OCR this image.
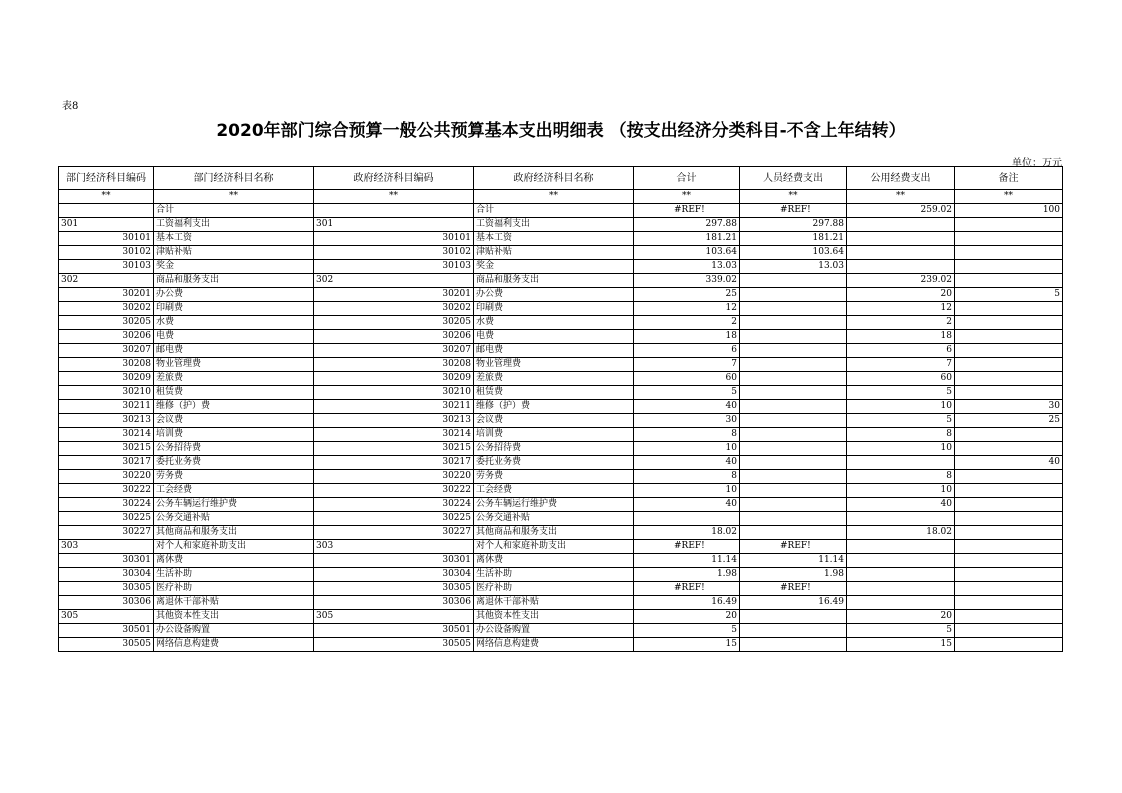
表8
2020年部门综合预算一般公共预算基本支出明细表 （按支出经济分类科目-不含上年结转）
单位：万元
部门经济科目编码	部门经济科目名称	政府经济科目编码	政府经济科目名称	合计	人员经费支出	公用经费支出	备注
**	**	**	**	**	**	**	**
	合计		合计	#REF!	#REF!	259.02	100
301	工资福利支出	301	工资福利支出	297.88	297.88		
30101	基本工资	30101	基本工资	181.21	181.21		
30102	津贴补贴	30102	津贴补贴	103.64	103.64		
30103	奖金	30103	奖金	13.03	13.03		
302	商品和服务支出	302	商品和服务支出	339.02		239.02	
30201	办公费	30201	办公费	25		20	5
30202	印刷费	30202	印刷费	12		12	
30205	水费	30205	水费	2		2	
30206	电费	30206	电费	18		18	
30207	邮电费	30207	邮电费	6		6	
30208	物业管理费	30208	物业管理费	7		7	
30209	差旅费	30209	差旅费	60		60	
30210	租赁费	30210	租赁费	5		5	
30211	维修（护）费	30211	维修（护）费	40		10	30
30213	会议费	30213	会议费	30		5	25
30214	培训费	30214	培训费	8		8	
30215	公务招待费	30215	公务招待费	10		10	
30217	委托业务费	30217	委托业务费	40			40
30220	劳务费	30220	劳务费	8		8	
30222	工会经费	30222	工会经费	10		10	
30224	公务车辆运行维护费	30224	公务车辆运行维护费	40		40	
30225	公务交通补贴	30225	公务交通补贴				
30227	其他商品和服务支出	30227	其他商品和服务支出	18.02		18.02	
303	对个人和家庭补助支出	303	对个人和家庭补助支出	#REF!	#REF!		
30301	离休费	30301	离休费	11.14	11.14		
30304	生活补助	30304	生活补助	1.98	1.98		
30305	医疗补助	30305	医疗补助	#REF!	#REF!		
30306	离退休干部补贴	30306	离退休干部补贴	16.49	16.49		
305	其他资本性支出	305	其他资本性支出	20		20	
30501	办公设备购置	30501	办公设备购置	5		5	
30505	网络信息构建费	30505	网络信息构建费	15		15	
